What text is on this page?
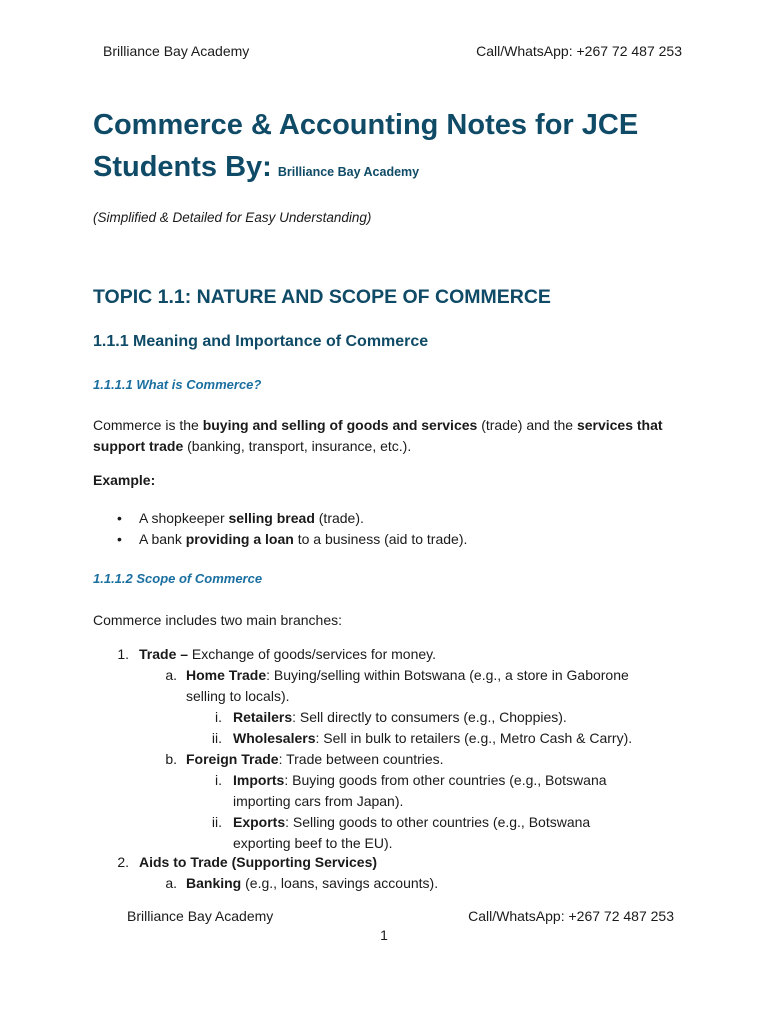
Brilliance Bay Academy	Call/WhatsApp: +267 72 487 253
Commerce & Accounting Notes for JCE Students By: Brilliance Bay Academy
(Simplified & Detailed for Easy Understanding)
TOPIC 1.1: NATURE AND SCOPE OF COMMERCE
1.1.1 Meaning and Importance of Commerce
1.1.1.1 What is Commerce?
Commerce is the buying and selling of goods and services (trade) and the services that support trade (banking, transport, insurance, etc.).
Example:
• A shopkeeper selling bread (trade).
• A bank providing a loan to a business (aid to trade).
1.1.1.2 Scope of Commerce
Commerce includes two main branches:
1. Trade – Exchange of goods/services for money.
a. Home Trade: Buying/selling within Botswana (e.g., a store in Gaborone
selling to locals).
i. Retailers: Sell directly to consumers (e.g., Choppies).
ii. Wholesalers: Sell in bulk to retailers (e.g., Metro Cash & Carry).
b. Foreign Trade: Trade between countries.
i. Imports: Buying goods from other countries (e.g., Botswana
importing cars from Japan).
ii. Exports: Selling goods to other countries (e.g., Botswana
exporting beef to the EU).
2. Aids to Trade (Supporting Services)
a. Banking (e.g., loans, savings accounts).
Brilliance Bay Academy	Call/WhatsApp: +267 72 487 253
1
